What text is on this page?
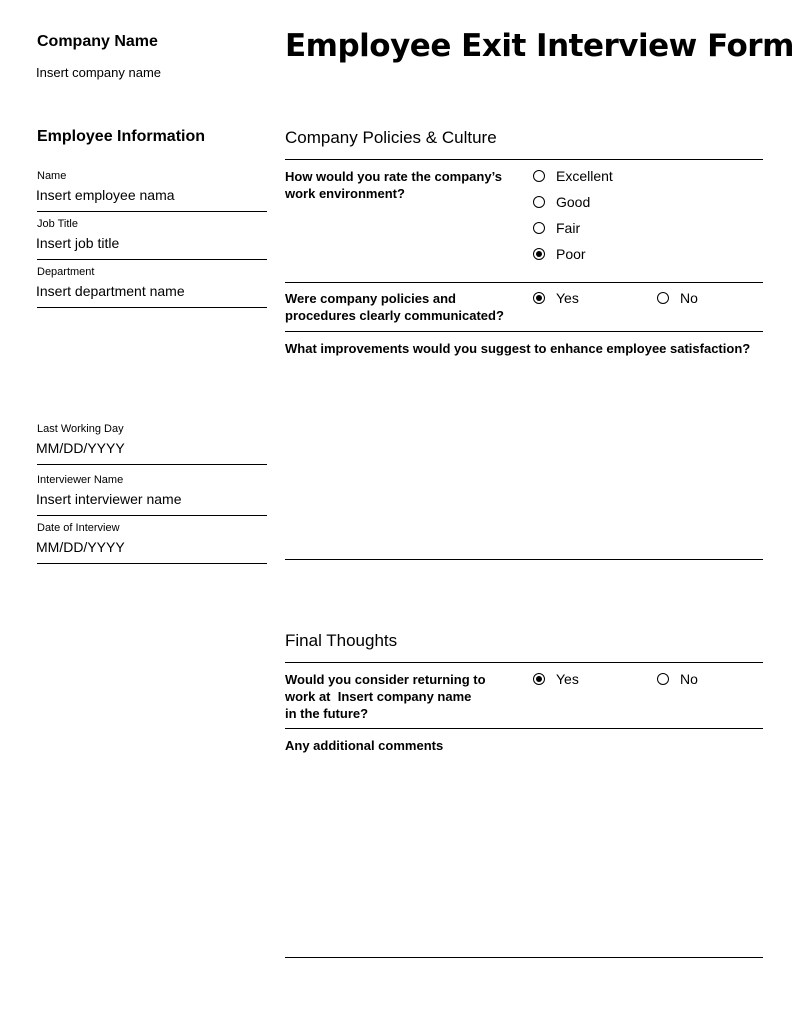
Company Name
Insert company name
Employee Exit Interview Form
Employee Information
Name
Insert employee nama
Job Title
Insert job title
Department
Insert department name
Last Working Day
MM/DD/YYYY
Interviewer Name
Insert interviewer name
Date of Interview
MM/DD/YYYY
Company Policies & Culture
How would you rate the company’s work environment?
Excellent
Good
Fair
Poor
Were company policies and procedures clearly communicated?
Yes	No
What improvements would you suggest to enhance employee satisfaction?
Final Thoughts
Would you consider returning to
work at  Insert company name
in the future?
Yes	No
Any additional comments
